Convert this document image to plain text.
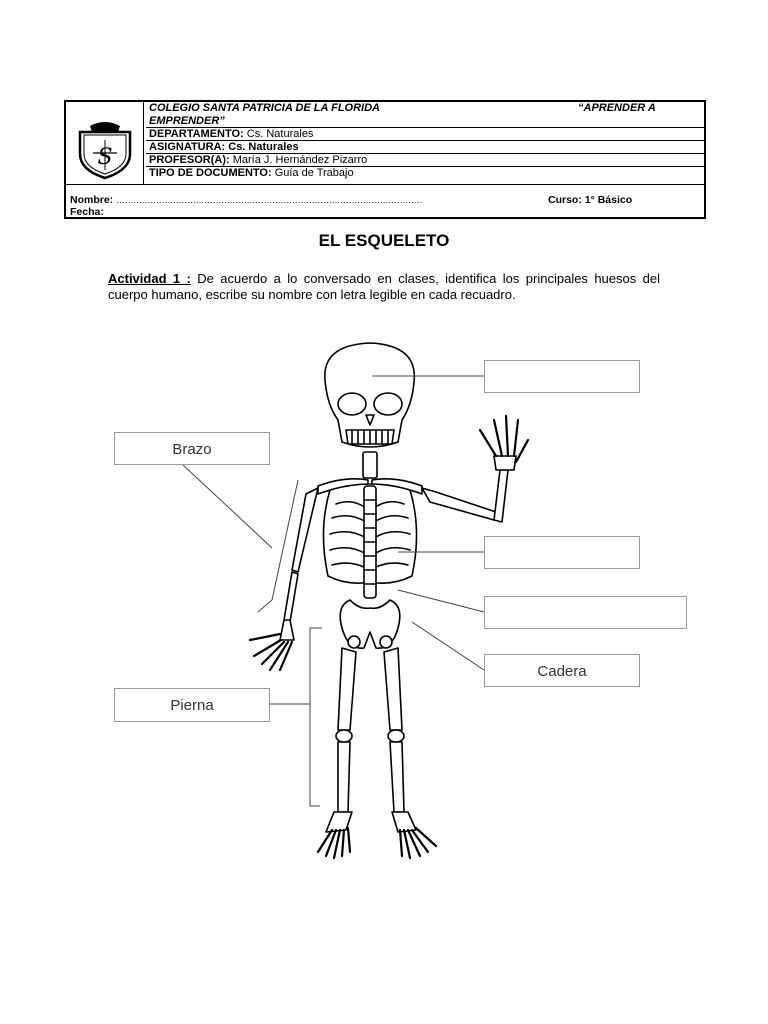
S
COLEGIO SANTA PATRICIA DE LA FLORIDA	“APRENDER A

EMPRENDER”
DEPARTAMENTO: Cs. Naturales
ASIGNATURA: Cs. Naturales
PROFESOR(A): María J. Hernández Pizarro
TIPO DE DOCUMENTO: Guía de Trabajo
Nombre: ………………………………………………………………………………………………	Curso: 1° Básico

Fecha:
EL ESQUELETO
Actividad 1 : De acuerdo a lo conversado en clases, identifica los principales huesos del cuerpo humano, escribe su nombre con letra legible en cada recuadro.
Brazo
Cadera
Pierna
